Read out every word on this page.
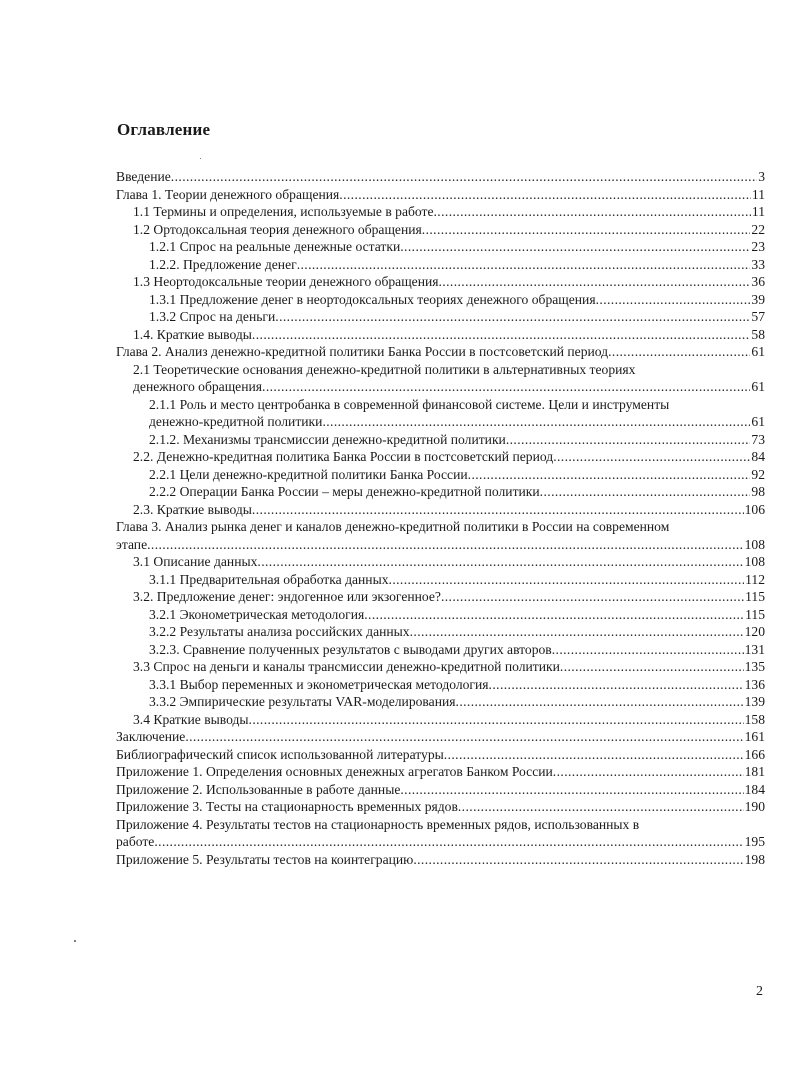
Оглавление
Введение .....	3
Глава 1. Теории денежного обращения .....	11
1.1 Термины и определения, используемые в работе .....	11
1.2 Ортодоксальная теория денежного обращения .....	22
1.2.1 Спрос на реальные денежные остатки .....	23
1.2.2. Предложение денег .....	33
1.3 Неортодоксальные теории денежного обращения .....	36
1.3.1 Предложение денег в неортодоксальных теориях денежного обращения .....	39
1.3.2 Спрос на деньги .....	57
1.4. Краткие выводы .....	58
Глава 2. Анализ денежно-кредитной политики Банка России в постсоветский период .....	61
2.1 Теоретические основания денежно-кредитной политики в альтернативных теориях
денежного обращения .....	61
2.1.1 Роль и место центробанка в современной финансовой системе. Цели и инструменты
денежно-кредитной политики .....	61
2.1.2. Механизмы трансмиссии денежно-кредитной политики .....	73
2.2. Денежно-кредитная политика Банка России в постсоветский период .....	84
2.2.1 Цели денежно-кредитной политики Банка России .....	92
2.2.2 Операции Банка России – меры денежно-кредитной политики .....	98
2.3. Краткие выводы .....	106
Глава 3. Анализ рынка денег и каналов денежно-кредитной политики в России на современном
этапе .....	108
3.1 Описание данных .....	108
3.1.1 Предварительная обработка данных .....	112
3.2. Предложение денег: эндогенное или экзогенное? .....	115
3.2.1 Эконометрическая методология .....	115
3.2.2 Результаты анализа российских данных .....	120
3.2.3. Сравнение полученных результатов с выводами других авторов .....	131
3.3 Спрос на деньги и каналы трансмиссии денежно-кредитной политики .....	135
3.3.1 Выбор переменных и эконометрическая методология .....	136
3.3.2 Эмпирические результаты VAR-моделирования .....	139
3.4 Краткие выводы .....	158
Заключение .....	161
Библиографический список использованной литературы .....	166
Приложение 1. Определения основных денежных агрегатов Банком России .....	181
Приложение 2. Использованные в работе данные .....	184
Приложение 3. Тесты на стационарность временных рядов .....	190
Приложение 4. Результаты тестов на стационарность временных рядов, использованных в
работе .....	195
Приложение 5. Результаты тестов на коинтеграцию .....	198
2
